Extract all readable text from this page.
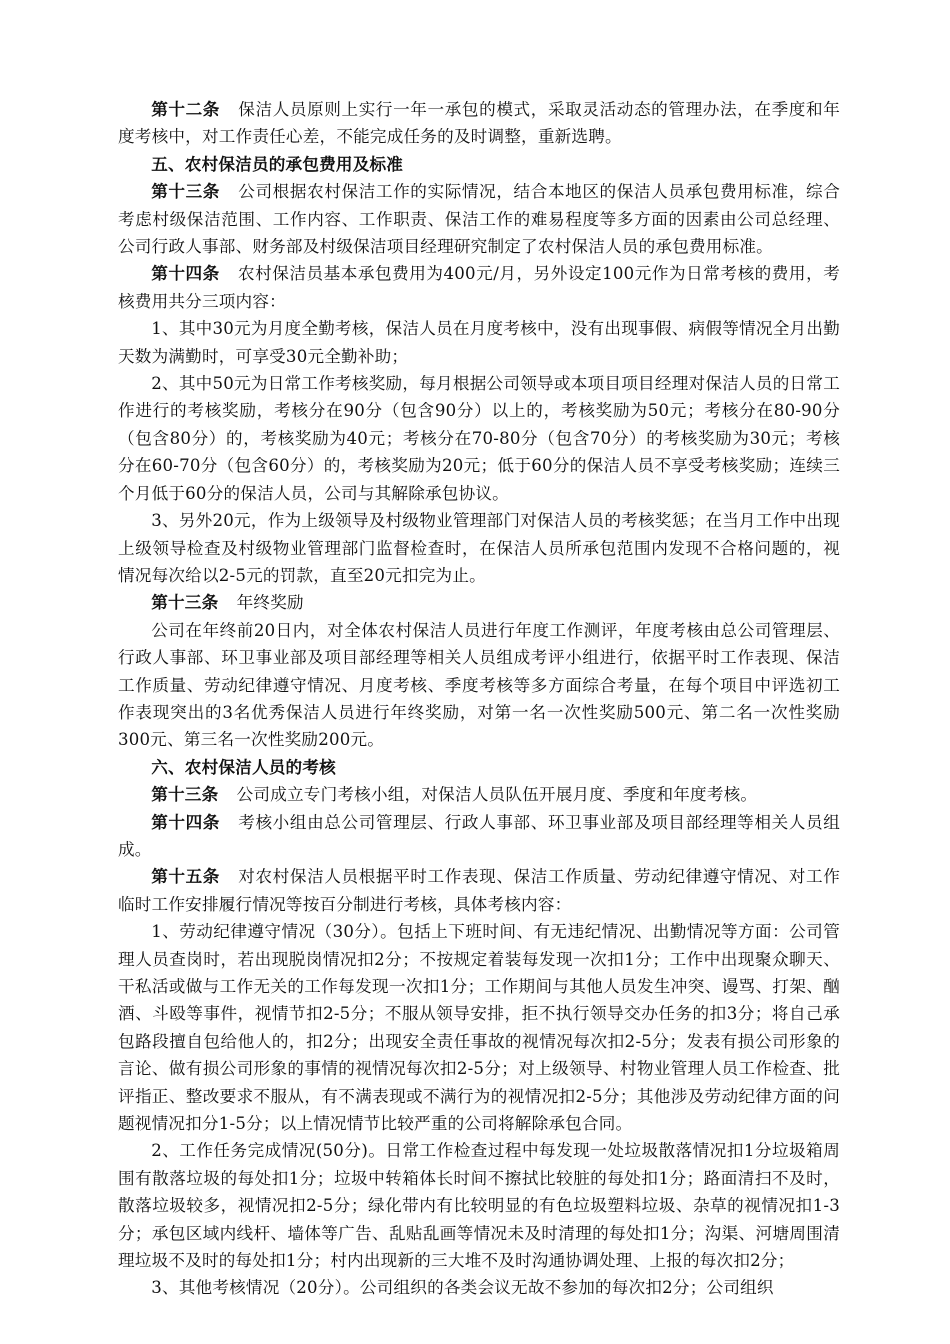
第十二条 保洁人员原则上实行一年一承包的模式，采取灵活动态的管理办法，在季度和年度考核中，对工作责任心差，不能完成任务的及时调整，重新选聘。

五、农村保洁员的承包费用及标准

第十三条 公司根据农村保洁工作的实际情况，结合本地区的保洁人员承包费用标准，综合考虑村级保洁范围、工作内容、工作职责、保洁工作的难易程度等多方面的因素由公司总经理、公司行政人事部、财务部及村级保洁项目经理研究制定了农村保洁人员的承包费用标准。

第十四条 农村保洁员基本承包费用为400元/月，另外设定100元作为日常考核的费用，考核费用共分三项内容：

1、其中30元为月度全勤考核，保洁人员在月度考核中，没有出现事假、病假等情况全月出勤天数为满勤时，可享受30元全勤补助；

2、其中50元为日常工作考核奖励，每月根据公司领导或本项目项目经理对保洁人员的日常工作进行的考核奖励，考核分在90分（包含90分）以上的，考核奖励为50元；考核分在80-90分（包含80分）的，考核奖励为40元；考核分在70-80分（包含70分）的考核奖励为30元；考核分在60-70分（包含60分）的，考核奖励为20元；低于60分的保洁人员不享受考核奖励；连续三个月低于60分的保洁人员，公司与其解除承包协议。

3、另外20元，作为上级领导及村级物业管理部门对保洁人员的考核奖惩；在当月工作中出现上级领导检查及村级物业管理部门监督检查时，在保洁人员所承包范围内发现不合格问题的，视情况每次给以2-5元的罚款，直至20元扣完为止。

第十三条 年终奖励

公司在年终前20日内，对全体农村保洁人员进行年度工作测评，年度考核由总公司管理层、行政人事部、环卫事业部及项目部经理等相关人员组成考评小组进行，依据平时工作表现、保洁工作质量、劳动纪律遵守情况、月度考核、季度考核等多方面综合考量，在每个项目中评选初工作表现突出的3名优秀保洁人员进行年终奖励，对第一名一次性奖励500元、第二名一次性奖励300元、第三名一次性奖励200元。

六、农村保洁人员的考核

第十三条 公司成立专门考核小组，对保洁人员队伍开展月度、季度和年度考核。

第十四条 考核小组由总公司管理层、行政人事部、环卫事业部及项目部经理等相关人员组成。

第十五条 对农村保洁人员根据平时工作表现、保洁工作质量、劳动纪律遵守情况、对工作临时工作安排履行情况等按百分制进行考核，具体考核内容：

1、劳动纪律遵守情况（30分）。包括上下班时间、有无违纪情况、出勤情况等方面：公司管理人员查岗时，若出现脱岗情况扣2分；不按规定着装每发现一次扣1分；工作中出现聚众聊天、干私活或做与工作无关的工作每发现一次扣1分；工作期间与其他人员发生冲突、谩骂、打架、酗酒、斗殴等事件，视情节扣2-5分；不服从领导安排，拒不执行领导交办任务的扣3分；将自己承包路段擅自包给他人的，扣2分；出现安全责任事故的视情况每次扣2-5分；发表有损公司形象的言论、做有损公司形象的事情的视情况每次扣2-5分；对上级领导、村物业管理人员工作检查、批评指正、整改要求不服从，有不满表现或不满行为的视情况扣2-5分；其他涉及劳动纪律方面的问题视情况扣分1-5分；以上情况情节比较严重的公司将解除承包合同。

2、工作任务完成情况(50分)。日常工作检查过程中每发现一处垃圾散落情况扣1分垃圾箱周围有散落垃圾的每处扣1分；垃圾中转箱体长时间不擦拭比较脏的每处扣1分；路面清扫不及时，散落垃圾较多，视情况扣2-5分；绿化带内有比较明显的有色垃圾塑料垃圾、杂草的视情况扣1-3分；承包区域内线杆、墙体等广告、乱贴乱画等情况未及时清理的每处扣1分；沟渠、河塘周围清理垃圾不及时的每处扣1分；村内出现新的三大堆不及时沟通协调处理、上报的每次扣2分；

3、其他考核情况（20分）。公司组织的各类会议无故不参加的每次扣2分；公司组织
